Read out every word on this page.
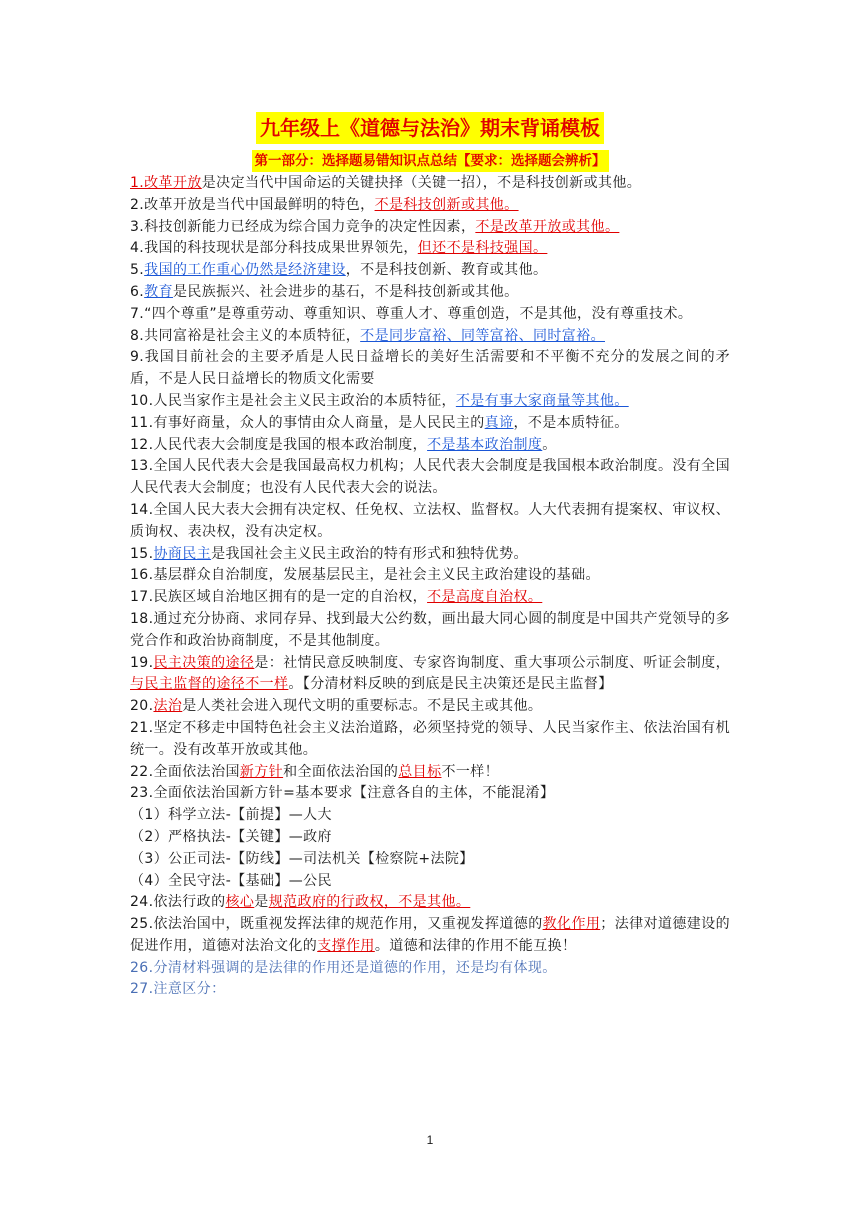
九年级上《道德与法治》期末背诵模板
第一部分：选择题易错知识点总结【要求：选择题会辨析】

1.改革开放是决定当代中国命运的关键抉择（关键一招），不是科技创新或其他。

2.改革开放是当代中国最鲜明的特色，不是科技创新或其他。

3.科技创新能力已经成为综合国力竞争的决定性因素，不是改革开放或其他。

4.我国的科技现状是部分科技成果世界领先，但还不是科技强国。

5.我国的工作重心仍然是经济建设，不是科技创新、教育或其他。

6.教育是民族振兴、社会进步的基石，不是科技创新或其他。

7.“四个尊重”是尊重劳动、尊重知识、尊重人才、尊重创造，不是其他，没有尊重技术。

8.共同富裕是社会主义的本质特征，不是同步富裕、同等富裕、同时富裕。

9.我国目前社会的主要矛盾是人民日益增长的美好生活需要和不平衡不充分的发展之间的矛盾，不是人民日益增长的物质文化需要

10.人民当家作主是社会主义民主政治的本质特征，不是有事大家商量等其他。

11.有事好商量，众人的事情由众人商量，是人民民主的真谛，不是本质特征。

12.人民代表大会制度是我国的根本政治制度，不是基本政治制度。

13.全国人民代表大会是我国最高权力机构；人民代表大会制度是我国根本政治制度。没有全国人民代表大会制度；也没有人民代表大会的说法。

14.全国人民大表大会拥有决定权、任免权、立法权、监督权。人大代表拥有提案权、审议权、质询权、表决权，没有决定权。

15.协商民主是我国社会主义民主政治的特有形式和独特优势。

16.基层群众自治制度，发展基层民主，是社会主义民主政治建设的基础。

17.民族区域自治地区拥有的是一定的自治权，不是高度自治权。

18.通过充分协商、求同存异、找到最大公约数，画出最大同心圆的制度是中国共产党领导的多党合作和政治协商制度，不是其他制度。

19.民主决策的途径是：社情民意反映制度、专家咨询制度、重大事项公示制度、听证会制度，与民主监督的途径不一样。【分清材料反映的到底是民主决策还是民主监督】

20.法治是人类社会进入现代文明的重要标志。不是民主或其他。

21.坚定不移走中国特色社会主义法治道路，必须坚持党的领导、人民当家作主、依法治国有机统一。没有改革开放或其他。

22.全面依法治国新方针和全面依法治国的总目标不一样！

23.全面依法治国新方针=基本要求【注意各自的主体，不能混淆】

（1）科学立法-【前提】—人大

（2）严格执法-【关键】—政府

（3）公正司法-【防线】—司法机关【检察院+法院】

（4）全民守法-【基础】—公民

24.依法行政的核心是规范政府的行政权，不是其他。

25.依法治国中，既重视发挥法律的规范作用，又重视发挥道德的教化作用；法律对道德建设的促进作用，道德对法治文化的支撑作用。道德和法律的作用不能互换！

26.分清材料强调的是法律的作用还是道德的作用，还是均有体现。

27.注意区分：

1
